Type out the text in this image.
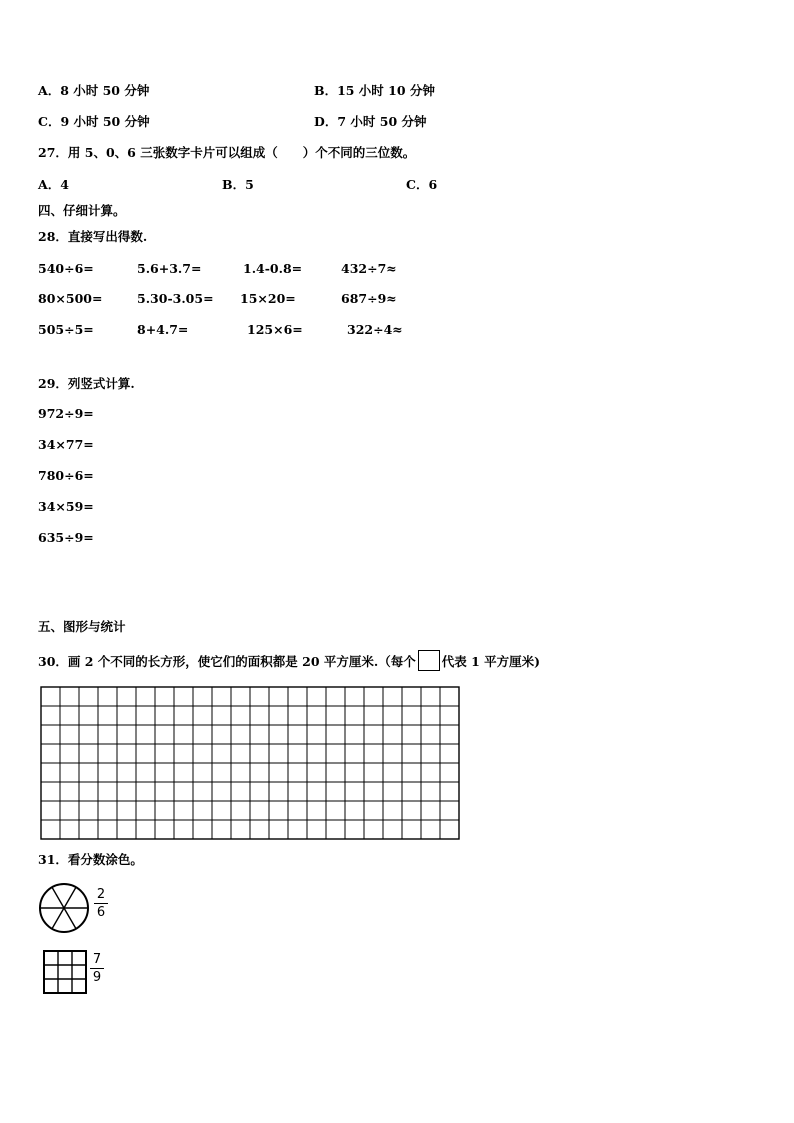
A．8 小时 50 分钟	B．15 小时 10 分钟
C．9 小时 50 分钟	D．7 小时 50 分钟
27．用 5、0、6 三张数字卡片可以组成（　　）个不同的三位数。
A．4	B．5	C．6
四、仔细计算。
28．直接写出得数.
540÷6=	5.6+3.7=	1.4-0.8=	432÷7≈
80×500=	5.30-3.05= 15×20=	687÷9≈
505÷5=	8+4.7=	125×6=	322÷4≈
29．列竖式计算.
972÷9=
34×77=
780÷6=
34×59=
635÷9=
五、图形与统计
30．画 2 个不同的长方形，使它们的面积都是 20 平方厘米.（每个 代表 1 平方厘米)
31．看分数涂色。
2
6
7
9
